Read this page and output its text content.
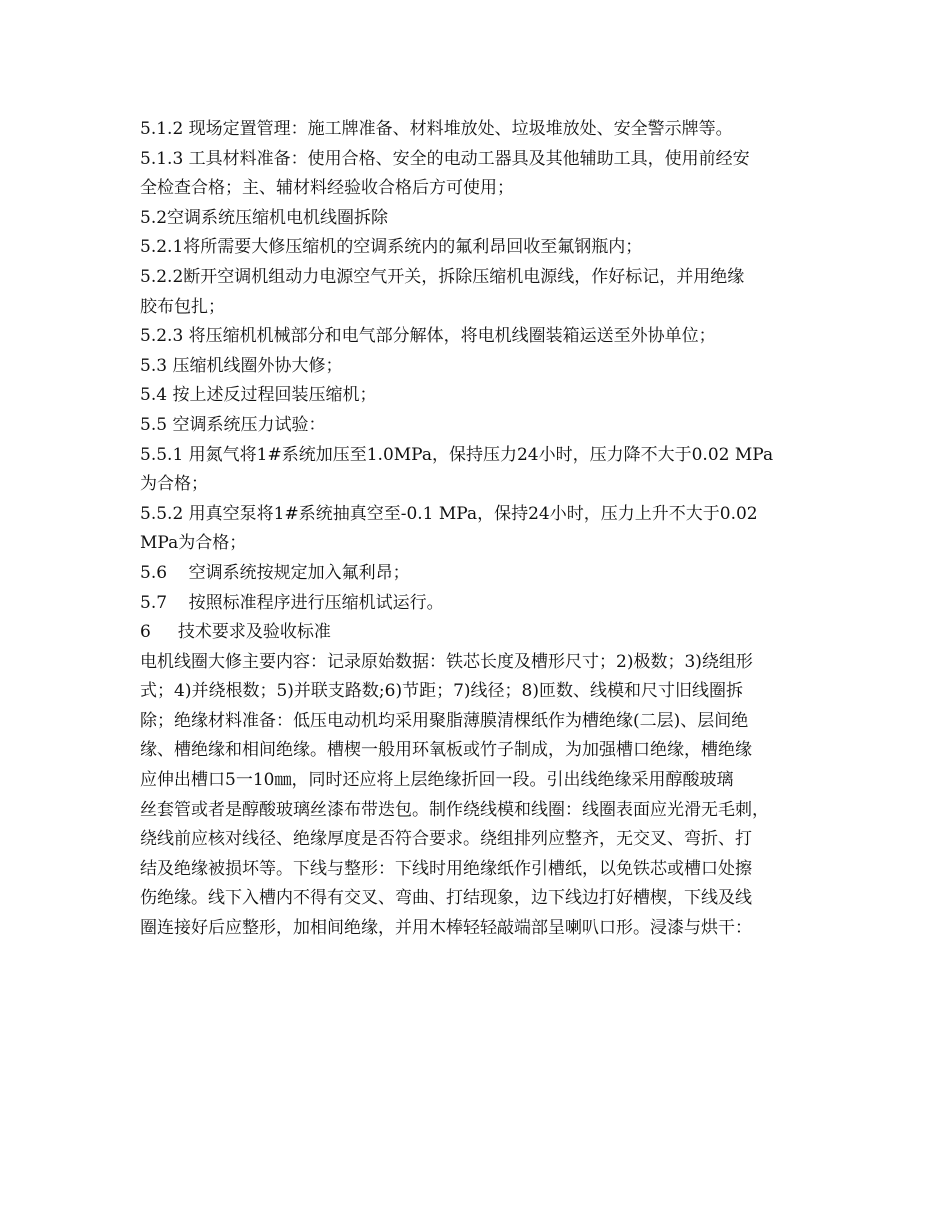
5.1.2 现场定置管理：施工牌准备、材料堆放处、垃圾堆放处、安全警示牌等。
5.1.3 工具材料准备：使用合格、安全的电动工器具及其他辅助工具，使用前经安
全检查合格；主、辅材料经验收合格后方可使用；
5.2空调系统压缩机电机线圈拆除
5.2.1将所需要大修压缩机的空调系统内的氟利昂回收至氟钢瓶内；
5.2.2断开空调机组动力电源空气开关，拆除压缩机电源线，作好标记，并用绝缘
胶布包扎；
5.2.3 将压缩机机械部分和电气部分解体，将电机线圈装箱运送至外协单位；
5.3 压缩机线圈外协大修；
5.4 按上述反过程回装压缩机；
5.5 空调系统压力试验：
5.5.1 用氮气将1#系统加压至1.0MPa，保持压力24小时，压力降不大于0.02 MPa
为合格；
5.5.2 用真空泵将1#系统抽真空至-0.1 MPa，保持24小时，压力上升不大于0.02
MPa为合格；
5.6    空调系统按规定加入氟利昂；
5.7    按照标准程序进行压缩机试运行。
6     技术要求及验收标准
电机线圈大修主要内容：记录原始数据：铁芯长度及槽形尺寸；2)极数；3)绕组形
式；4)并绕根数；5)并联支路数;6)节距；7)线径；8)匝数、线模和尺寸旧线圈拆
除；绝缘材料准备：低压电动机均采用聚脂薄膜清棵纸作为槽绝缘(二层)、层间绝
缘、槽绝缘和相间绝缘。槽楔一般用环氧板或竹子制成，为加强槽口绝缘，槽绝缘
应伸出槽口5一10㎜，同时还应将上层绝缘折回一段。引出线绝缘采用醇酸玻璃
丝套管或者是醇酸玻璃丝漆布带迭包。制作绕线模和线圈：线圈表面应光滑无毛刺，
绕线前应核对线径、绝缘厚度是否符合要求。绕组排列应整齐，无交叉、弯折、打
结及绝缘被损坏等。下线与整形：下线时用绝缘纸作引槽纸，以免铁芯或槽口处擦
伤绝缘。线下入槽内不得有交叉、弯曲、打结现象，边下线边打好槽楔，下线及线
圈连接好后应整形，加相间绝缘，并用木棒轻轻敲端部呈喇叭口形。浸漆与烘干：
